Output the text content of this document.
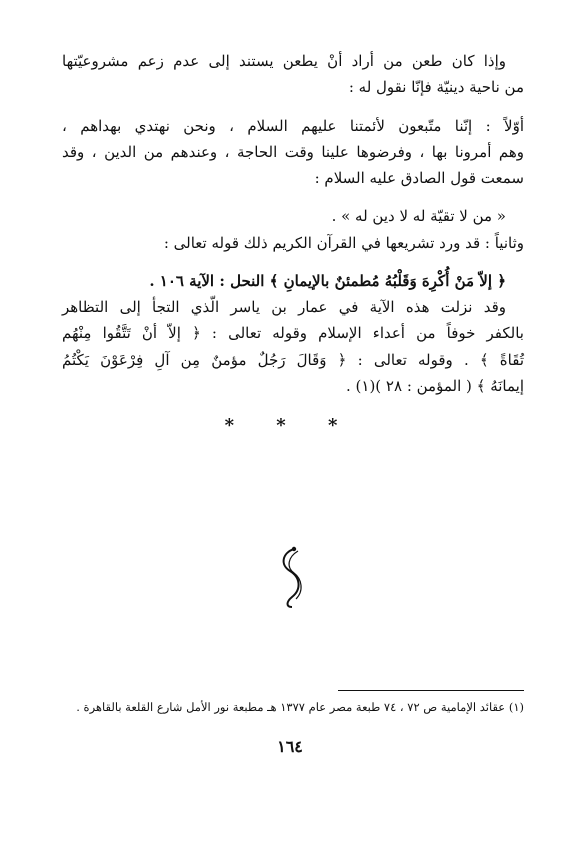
وإذا كان طعن من أراد أنْ يطعن يستند إلى عدم زعم مشروعيّتها
من ناحية دينيّة فإنّا نقول له :
أوّلاً : إنّنا متّبعون لأئمتنا عليهم السلام ، ونحن نهتدي بهداهم ،
وهم أمرونا بها ، وفرضوها علينا وقت الحاجة ، وعندهم من الدين ، وقد
سمعت قول الصادق عليه السلام :
« من لا تقيّة له لا دين له » .
وثانياً : قد ورد تشريعها في القرآن الكريم ذلك قوله تعالى :
﴿ إلاّ مَنْ أُكْرِهَ وَقَلْبُهُ مُطمئنٌ بالإيمانِ ﴾ النحل : الآية ١٠٦ .
وقد نزلت هذه الآية في عمار بن ياسر الّذي التجأ إلى التظاهر
بالكفر خوفاً من أعداء الإسلام وقوله تعالى : ﴿ إلاّ أنْ تَتَّقُوا مِنْهُم
تُقَاةً ﴾ . وقوله تعالى : ﴿ وَقَالَ رَجُلٌ مؤمنٌ مِن آلِ فِرْعَوْنَ يَكْتُمُ
إيمانَهُ ﴾ ( المؤمن : ٢٨ )(١) .
* * *
(١) عقائد الإمامية ص ٧٢ ، ٧٤ طبعة مصر عام ١٣٧٧ هـ مطبعة نور الأمل شارع القلعة بالقاهرة .
١٦٤
